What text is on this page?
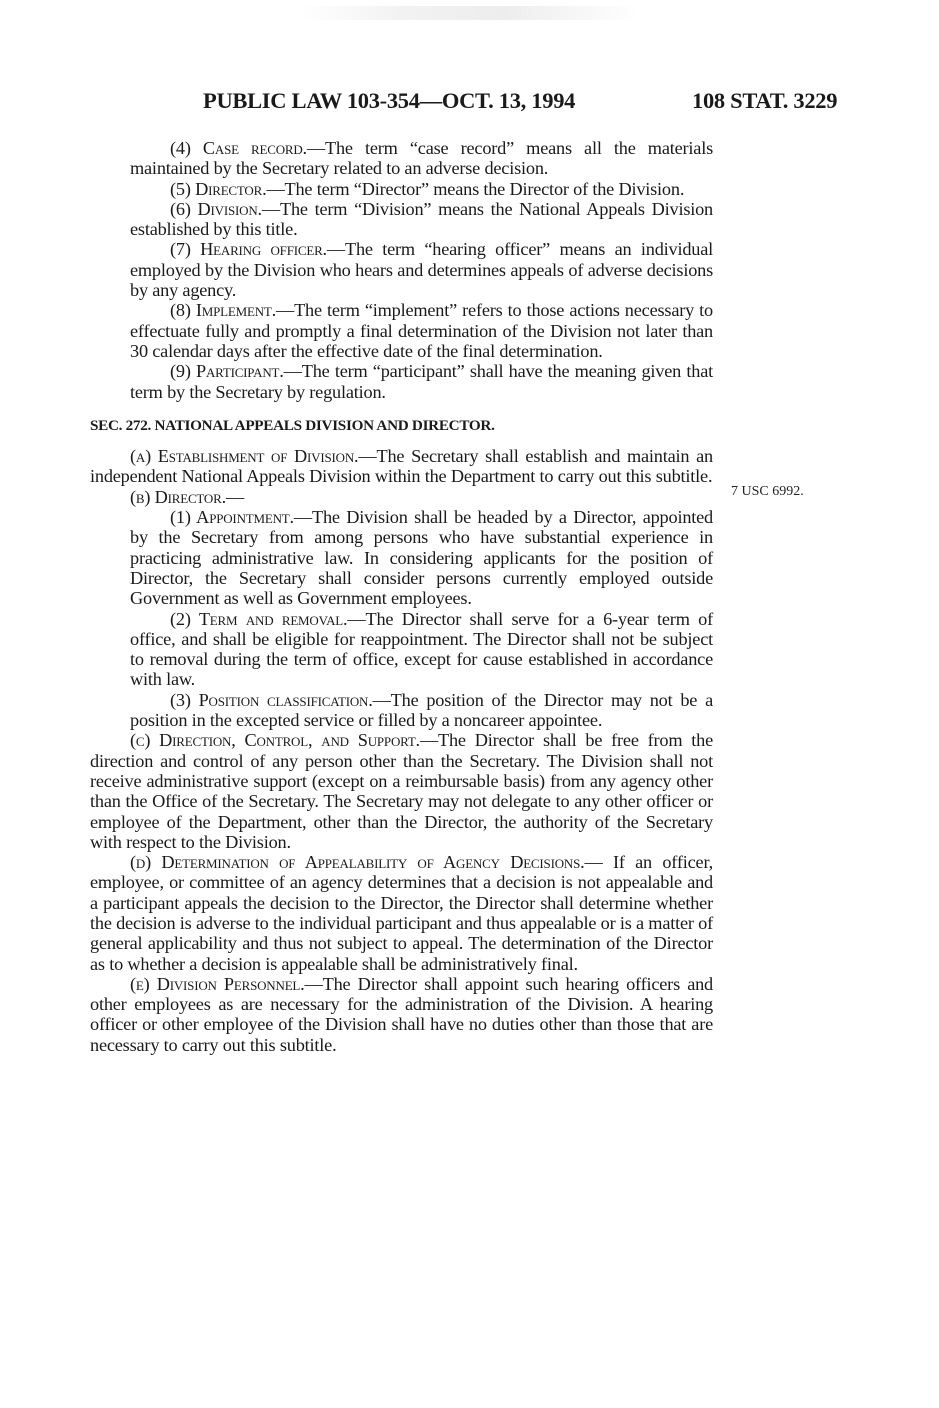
PUBLIC LAW 103-354—OCT. 13, 1994	108 STAT. 3229
7 USC 6992.

(4) Case record.—The term “case record” means all the materials maintained by the Secretary related to an adverse decision.

(5) Director.—The term “Director” means the Director of the Division.

(6) Division.—The term “Division” means the National Appeals Division established by this title.

(7) Hearing officer.—The term “hearing officer” means an individual employed by the Division who hears and determines appeals of adverse decisions by any agency.

(8) Implement.—The term “implement” refers to those actions necessary to effectuate fully and promptly a final determination of the Division not later than 30 calendar days after the effective date of the final determination.

(9) Participant.—The term “participant” shall have the meaning given that term by the Secretary by regulation.

SEC. 272. NATIONAL APPEALS DIVISION AND DIRECTOR.

(a) Establishment of Division.—The Secretary shall establish and maintain an independent National Appeals Division within the Department to carry out this subtitle.

(b) Director.—

(1) Appointment.—The Division shall be headed by a Director, appointed by the Secretary from among persons who have substantial experience in practicing administrative law. In considering applicants for the position of Director, the Secretary shall consider persons currently employed outside Government as well as Government employees.

(2) Term and removal.—The Director shall serve for a 6-year term of office, and shall be eligible for reappointment. The Director shall not be subject to removal during the term of office, except for cause established in accordance with law.

(3) Position classification.—The position of the Director may not be a position in the excepted service or filled by a noncareer appointee.

(c) Direction, Control, and Support.—The Director shall be free from the direction and control of any person other than the Secretary. The Division shall not receive administrative support (except on a reimbursable basis) from any agency other than the Office of the Secretary. The Secretary may not delegate to any other officer or employee of the Department, other than the Director, the authority of the Secretary with respect to the Division.

(d) Determination of Appealability of Agency Decisions.— If an officer, employee, or committee of an agency determines that a decision is not appealable and a participant appeals the decision to the Director, the Director shall determine whether the decision is adverse to the individual participant and thus appealable or is a matter of general applicability and thus not subject to appeal. The determination of the Director as to whether a decision is appealable shall be administratively final.

(e) Division Personnel.—The Director shall appoint such hearing officers and other employees as are necessary for the administration of the Division. A hearing officer or other employee of the Division shall have no duties other than those that are necessary to carry out this subtitle.
